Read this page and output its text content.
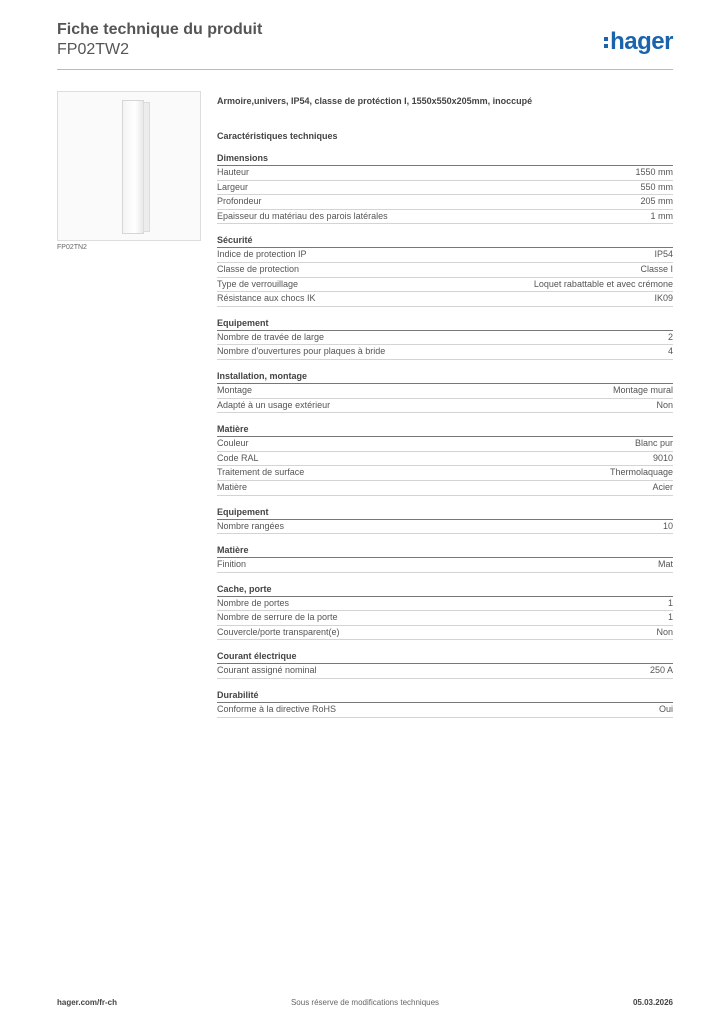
Fiche technique du produit
FP02TW2	hager
FP02TN2
Armoire,univers, IP54, classe de protéction I, 1550x550x205mm, inoccupé
Caractéristiques techniques
Dimensions
Hauteur	1550 mm
Largeur	550 mm
Profondeur	205 mm
Epaisseur du matériau des parois latérales	1 mm
Sécurité
Indice de protection IP	IP54
Classe de protection	Classe I
Type de verrouillage	Loquet rabattable et avec crémone
Résistance aux chocs IK	IK09
Equipement
Nombre de travée de large	2
Nombre d'ouvertures pour plaques à bride	4
Installation, montage
Montage	Montage mural
Adapté à un usage extérieur	Non
Matière
Couleur	Blanc pur
Code RAL	9010
Traitement de surface	Thermolaquage
Matière	Acier
Equipement
Nombre rangées	10
Matière
Finition	Mat
Cache, porte
Nombre de portes	1
Nombre de serrure de la porte	1
Couvercle/porte transparent(e)	Non
Courant électrique
Courant assigné nominal	250 A
Durabilité
Conforme à la directive RoHS	Oui
hager.com/fr-ch	Sous réserve de modifications techniques	05.03.2026
